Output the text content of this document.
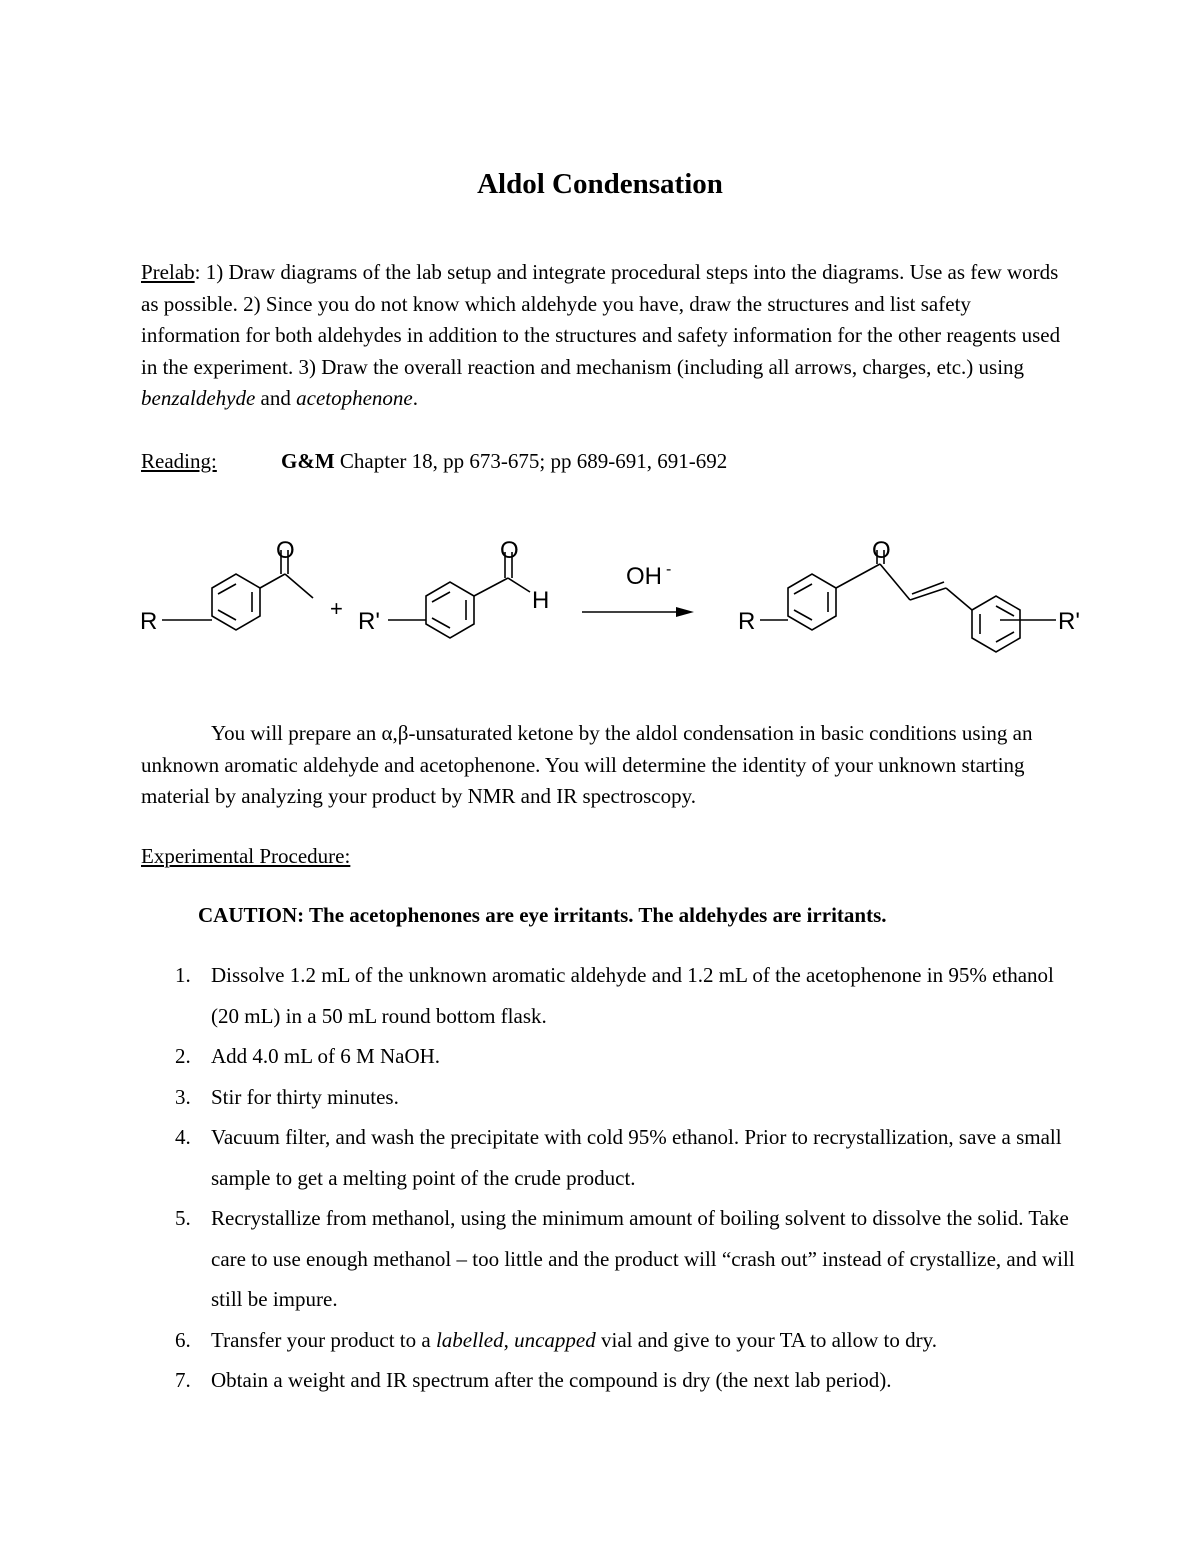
Aldol Condensation
Prelab: 1) Draw diagrams of the lab setup and integrate procedural steps into the diagrams. Use as few words as possible. 2) Since you do not know which aldehyde you have, draw the structures and list safety information for both aldehydes in addition to the structures and safety information for the other reagents used in the experiment. 3) Draw the overall reaction and mechanism (including all arrows, charges, etc.) using benzaldehyde and acetophenone.
Reading:	G&M Chapter 18, pp 673-675; pp 689-691, 691-692
R
O
+ R'
O
H
OH -
R
O
R'
You will prepare an α,β-unsaturated ketone by the aldol condensation in basic conditions using an unknown aromatic aldehyde and acetophenone. You will determine the identity of your unknown starting material by analyzing your product by NMR and IR spectroscopy.
Experimental Procedure:
CAUTION: The acetophenones are eye irritants. The aldehydes are irritants.
1. Dissolve 1.2 mL of the unknown aromatic aldehyde and 1.2 mL of the acetophenone in 95% ethanol (20 mL) in a 50 mL round bottom flask.
2. Add 4.0 mL of 6 M NaOH.
3. Stir for thirty minutes.
4. Vacuum filter, and wash the precipitate with cold 95% ethanol. Prior to recrystallization, save a small sample to get a melting point of the crude product.
5. Recrystallize from methanol, using the minimum amount of boiling solvent to dissolve the solid. Take care to use enough methanol – too little and the product will “crash out” instead of crystallize, and will still be impure.
6. Transfer your product to a labelled, uncapped vial and give to your TA to allow to dry.
7. Obtain a weight and IR spectrum after the compound is dry (the next lab period).
